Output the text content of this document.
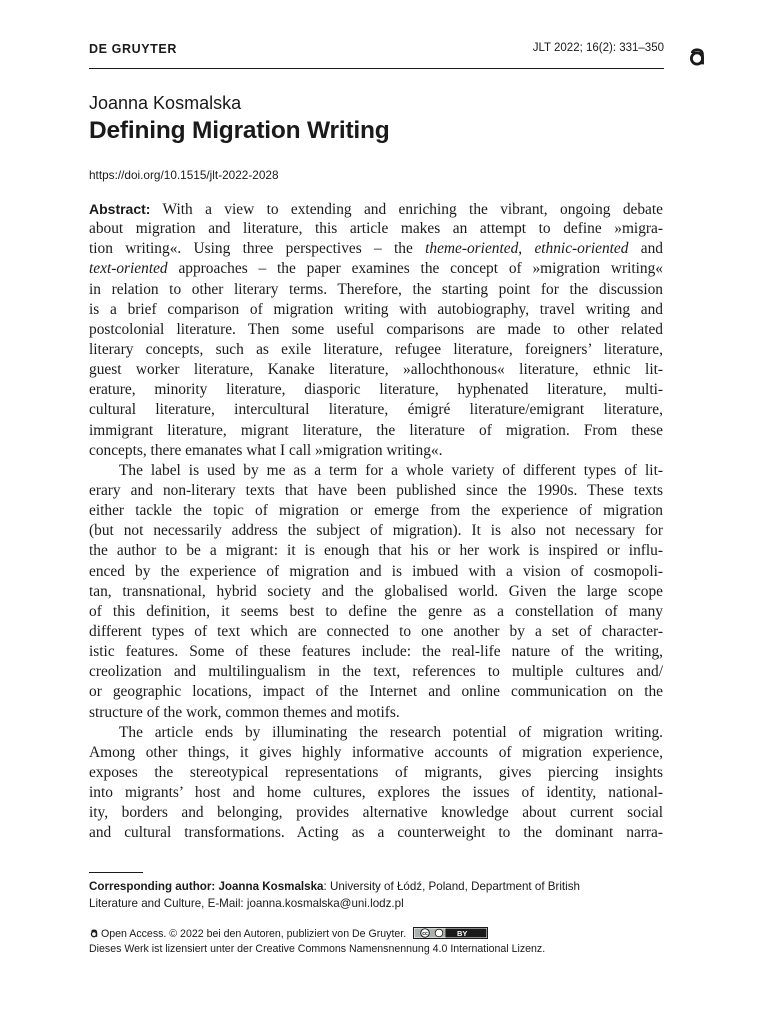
DE GRUYTER	JLT 2022; 16(2): 331–350
Joanna Kosmalska
Defining Migration Writing
https://doi.org/10.1515/jlt-2022-2028
Abstract: With a view to extending and enriching the vibrant, ongoing debate
about migration and literature, this article makes an attempt to define »migra-
tion writing«. Using three perspectives – the theme-oriented, ethnic-oriented and
text-oriented approaches – the paper examines the concept of »migration writing«
in relation to other literary terms. Therefore, the starting point for the discussion
is a brief comparison of migration writing with autobiography, travel writing and
postcolonial literature. Then some useful comparisons are made to other related
literary concepts, such as exile literature, refugee literature, foreigners’ literature,
guest worker literature, Kanake literature, »allochthonous« literature, ethnic lit-
erature, minority literature, diasporic literature, hyphenated literature, multi-
cultural literature, intercultural literature, émigré literature/emigrant literature,
immigrant literature, migrant literature, the literature of migration. From these
concepts, there emanates what I call »migration writing«.
The label is used by me as a term for a whole variety of different types of lit-
erary and non-literary texts that have been published since the 1990s. These texts
either tackle the topic of migration or emerge from the experience of migration
(but not necessarily address the subject of migration). It is also not necessary for
the author to be a migrant: it is enough that his or her work is inspired or influ-
enced by the experience of migration and is imbued with a vision of cosmopoli-
tan, transnational, hybrid society and the globalised world. Given the large scope
of this definition, it seems best to define the genre as a constellation of many
different types of text which are connected to one another by a set of character-
istic features. Some of these features include: the real-life nature of the writing,
creolization and multilingualism in the text, references to multiple cultures and/
or geographic locations, impact of the Internet and online communication on the
structure of the work, common themes and motifs.
The article ends by illuminating the research potential of migration writing.
Among other things, it gives highly informative accounts of migration experience,
exposes the stereotypical representations of migrants, gives piercing insights
into migrants’ host and home cultures, explores the issues of identity, national-
ity, borders and belonging, provides alternative knowledge about current social
and cultural transformations. Acting as a counterweight to the dominant narra-
Corresponding author: Joanna Kosmalska: University of Łódź, Poland, Department of British
Literature and Culture, E-Mail: joanna.kosmalska@uni.lodz.pl
Open Access. © 2022 bei den Autoren, publiziert von De Gruyter.	cc	BY
Dieses Werk ist lizensiert unter der Creative Commons Namensnennung 4.0 International Lizenz.
